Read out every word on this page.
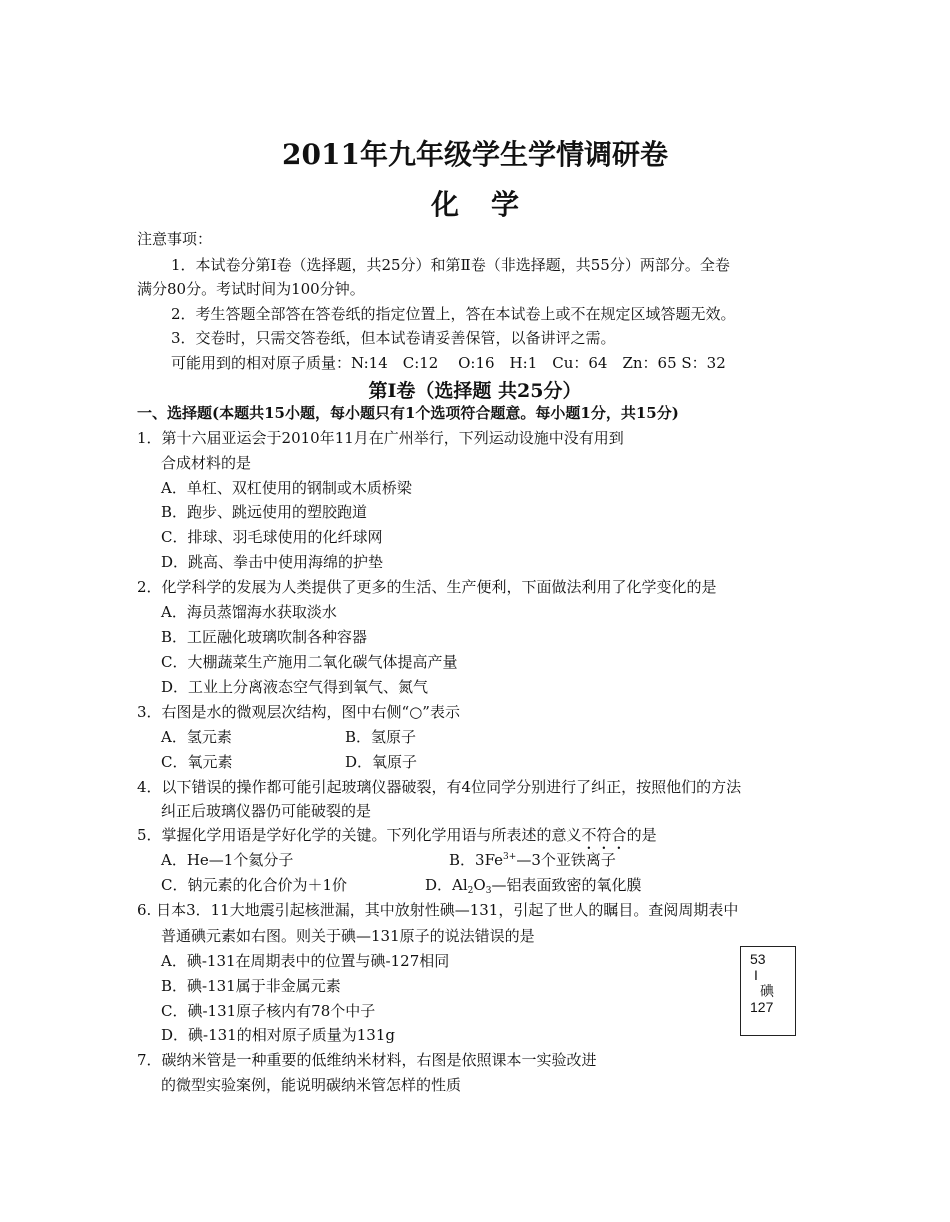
2011年九年级学生学情调研卷
化学
注意事项：
1．本试卷分第Ⅰ卷（选择题，共25分）和第Ⅱ卷（非选择题，共55分）两部分。全卷
满分80分。考试时间为100分钟。
2．考生答题全部答在答卷纸的指定位置上，答在本试卷上或不在规定区域答题无效。
3．交卷时，只需交答卷纸，但本试卷请妥善保管，以备讲评之需。
可能用到的相对原子质量：N:14　C:12　 O:16　H:1　Cu：64　Zn：65 S：32
第Ⅰ卷（选择题 共25分）
一、选择题(本题共15小题，每小题只有1个选项符合题意。每小题1分，共15分)
1．第十六届亚运会于2010年11月在广州举行，下列运动设施中没有用到
合成材料的是
A．单杠、双杠使用的钢制或木质桥梁
B．跑步、跳远使用的塑胶跑道
C．排球、羽毛球使用的化纤球网
D．跳高、拳击中使用海绵的护垫
2．化学科学的发展为人类提供了更多的生活、生产便利，下面做法利用了化学变化的是
A．海员蒸馏海水获取淡水
B．工匠融化玻璃吹制各种容器
C．大棚蔬菜生产施用二氧化碳气体提高产量
D．工业上分离液态空气得到氧气、氮气
3．右图是水的微观层次结构，图中右侧“○”表示
A．氢元素	B．氢原子
C．氧元素	D．氧原子
4．以下错误的操作都可能引起玻璃仪器破裂，有4位同学分别进行了纠正，按照他们的方法
纠正后玻璃仪器仍可能破裂的是
5．掌握化学用语是学好化学的关键。下列化学用语与所表述的意义不符合的是
A．He—1个氦分子	B．$3Fe^{3+}—3$个亚铁离子
C．钠元素的化合价为＋1价	D．$Al_2O_3—$铝表面致密的氧化膜
6. 日本3．11大地震引起核泄漏，其中放射性碘—131，引起了世人的瞩目。查阅周期表中
普通碘元素如右图。则关于碘—131原子的说法错误的是
A．碘-131在周期表中的位置与碘-127相同
B．碘-131属于非金属元素
C．碘-131原子核内有78个中子
D．碘-131的相对原子质量为131g
53
I
碘
127
7．碳纳米管是一种重要的低维纳米材料，右图是依照课本一实验改进
的微型实验案例，能说明碳纳米管怎样的性质
